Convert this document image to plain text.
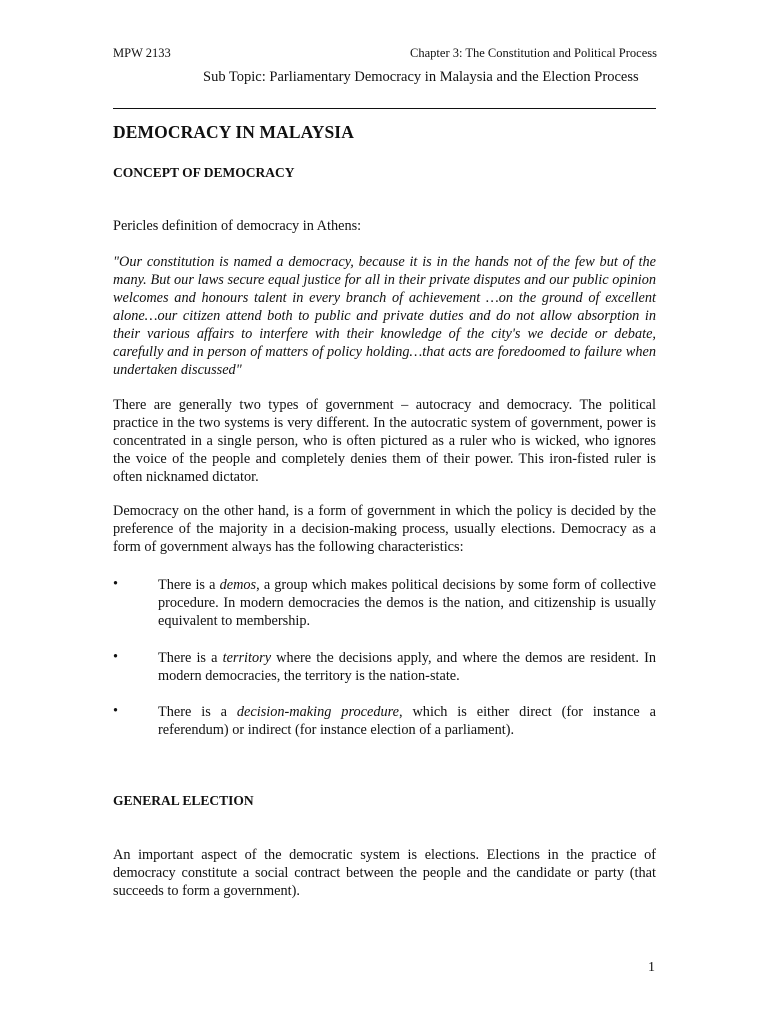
MPW 2133	Chapter 3: The Constitution and Political Process
Sub Topic: Parliamentary Democracy in Malaysia and the Election Process
DEMOCRACY IN MALAYSIA
CONCEPT OF DEMOCRACY
Pericles definition of democracy in Athens:
"Our constitution is named a democracy, because it is in the hands not of the few but of the many. But our laws secure equal justice for all in their private disputes and our public opinion welcomes and honours talent in every branch of achievement …on the ground of excellent alone…our citizen attend both to public and private duties and do not allow absorption in their various affairs to interfere with their knowledge of the city's we decide or debate, carefully and in person of matters of policy holding…that acts are foredoomed to failure when undertaken discussed"
There are generally two types of government – autocracy and democracy. The political practice in the two systems is very different. In the autocratic system of government, power is concentrated in a single person, who is often pictured as a ruler who is wicked, who ignores the voice of the people and completely denies them of their power. This iron-fisted ruler is often nicknamed dictator.
Democracy on the other hand, is a form of government in which the policy is decided by the preference of the majority in a decision-making process, usually elections. Democracy as a form of government always has the following characteristics:
•	There is a demos, a group which makes political decisions by some form of collective procedure. In modern democracies the demos is the nation, and citizenship is usually equivalent to membership.
•	There is a territory where the decisions apply, and where the demos are resident. In modern democracies, the territory is the nation-state.
•	There is a decision-making procedure, which is either direct (for instance a referendum) or indirect (for instance election of a parliament).
GENERAL ELECTION
An important aspect of the democratic system is elections. Elections in the practice of democracy constitute a social contract between the people and the candidate or party (that succeeds to form a government).
1
